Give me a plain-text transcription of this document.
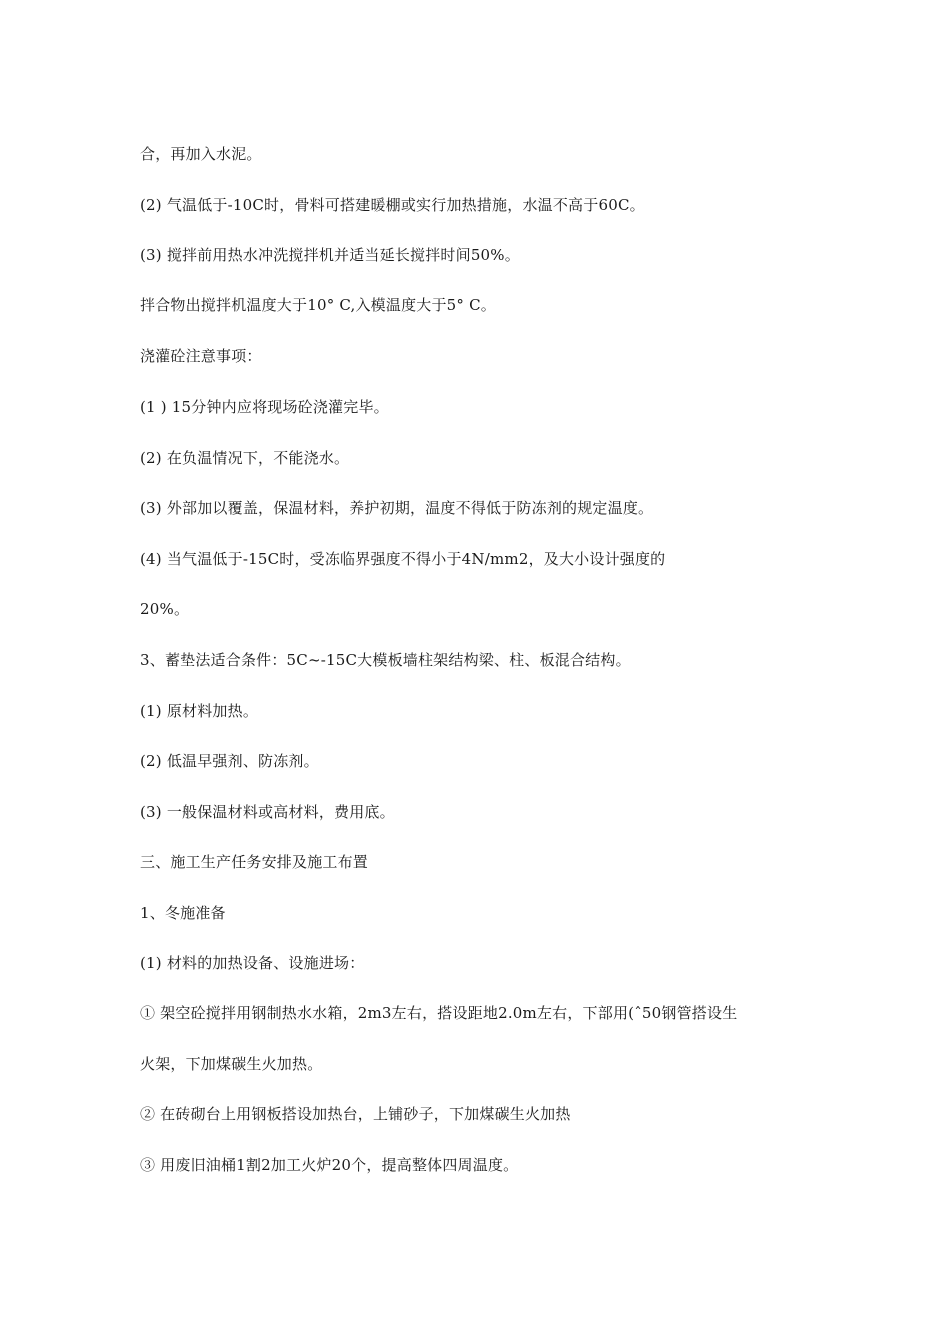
合，再加入水泥。
(2) 气温低于-10C时，骨料可搭建暖棚或实行加热措施，水温不高于60C。
(3) 搅拌前用热水冲洗搅拌机并适当延长搅拌时间50%。
拌合物出搅拌机温度大于10° C,入模温度大于5° C。
浇灌砼注意事项：
(1 ) 15分钟内应将现场砼浇灌完毕。
(2) 在负温情况下，不能浇水。
(3) 外部加以覆盖，保温材料，养护初期，温度不得低于防冻剂的规定温度。
(4) 当气温低于-15C时，受冻临界强度不得小于4N/mm2，及大小设计强度的
20%。
3、蓄垫法适合条件：5C~-15C大模板墙柱架结构梁、柱、板混合结构。
(1) 原材料加热。
(2) 低温早强剂、防冻剂。
(3) 一般保温材料或高材料，费用底。
三、施工生产任务安排及施工布置
1、冬施准备
(1) 材料的加热设备、设施进场：
① 架空砼搅拌用钢制热水水箱，2m3左右，搭设距地2.0m左右，下部用(ˆ50钢管搭设生
火架，下加煤碳生火加热。
② 在砖砌台上用钢板搭设加热台，上铺砂子，下加煤碳生火加热
③ 用废旧油桶1割2加工火炉20个，提高整体四周温度。
